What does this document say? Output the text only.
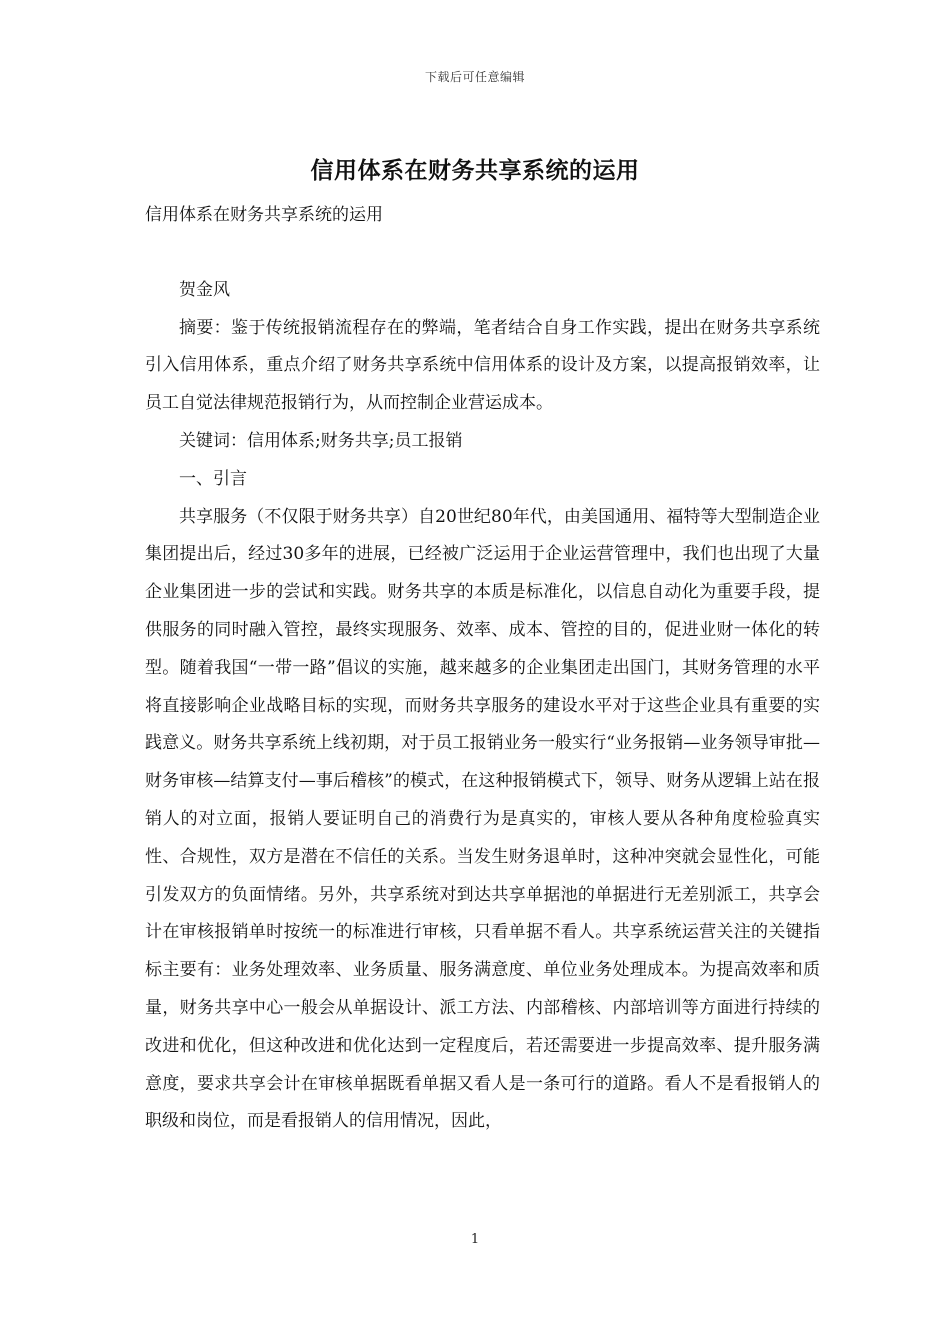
下载后可任意编辑
信用体系在财务共享系统的运用

信用体系在财务共享系统的运用

贺金风

摘要：鉴于传统报销流程存在的弊端，笔者结合自身工作实践，提出在财务共享系统引入信用体系，重点介绍了财务共享系统中信用体系的设计及方案，以提高报销效率，让员工自觉法律规范报销行为，从而控制企业营运成本。

关键词：信用体系;财务共享;员工报销

一、引言

共享服务（不仅限于财务共享）自20世纪80年代，由美国通用、福特等大型制造企业集团提出后，经过30多年的进展，已经被广泛运用于企业运营管理中，我们也出现了大量企业集团进一步的尝试和实践。财务共享的本质是标准化，以信息自动化为重要手段，提供服务的同时融入管控，最终实现服务、效率、成本、管控的目的，促进业财一体化的转型。随着我国“一带一路”倡议的实施，越来越多的企业集团走出国门，其财务管理的水平将直接影响企业战略目标的实现，而财务共享服务的建设水平对于这些企业具有重要的实践意义。财务共享系统上线初期，对于员工报销业务一般实行“业务报销—业务领导审批—财务审核—结算支付—事后稽核”的模式，在这种报销模式下，领导、财务从逻辑上站在报销人的对立面，报销人要证明自己的消费行为是真实的，审核人要从各种角度检验真实性、合规性，双方是潜在不信任的关系。当发生财务退单时，这种冲突就会显性化，可能引发双方的负面情绪。另外，共享系统对到达共享单据池的单据进行无差别派工，共享会计在审核报销单时按统一的标准进行审核，只看单据不看人。共享系统运营关注的关键指标主要有：业务处理效率、业务质量、服务满意度、单位业务处理成本。为提高效率和质量，财务共享中心一般会从单据设计、派工方法、内部稽核、内部培训等方面进行持续的改进和优化，但这种改进和优化达到一定程度后，若还需要进一步提高效率、提升服务满意度，要求共享会计在审核单据既看单据又看人是一条可行的道路。看人不是看报销人的职级和岗位，而是看报销人的信用情况，因此，

1
